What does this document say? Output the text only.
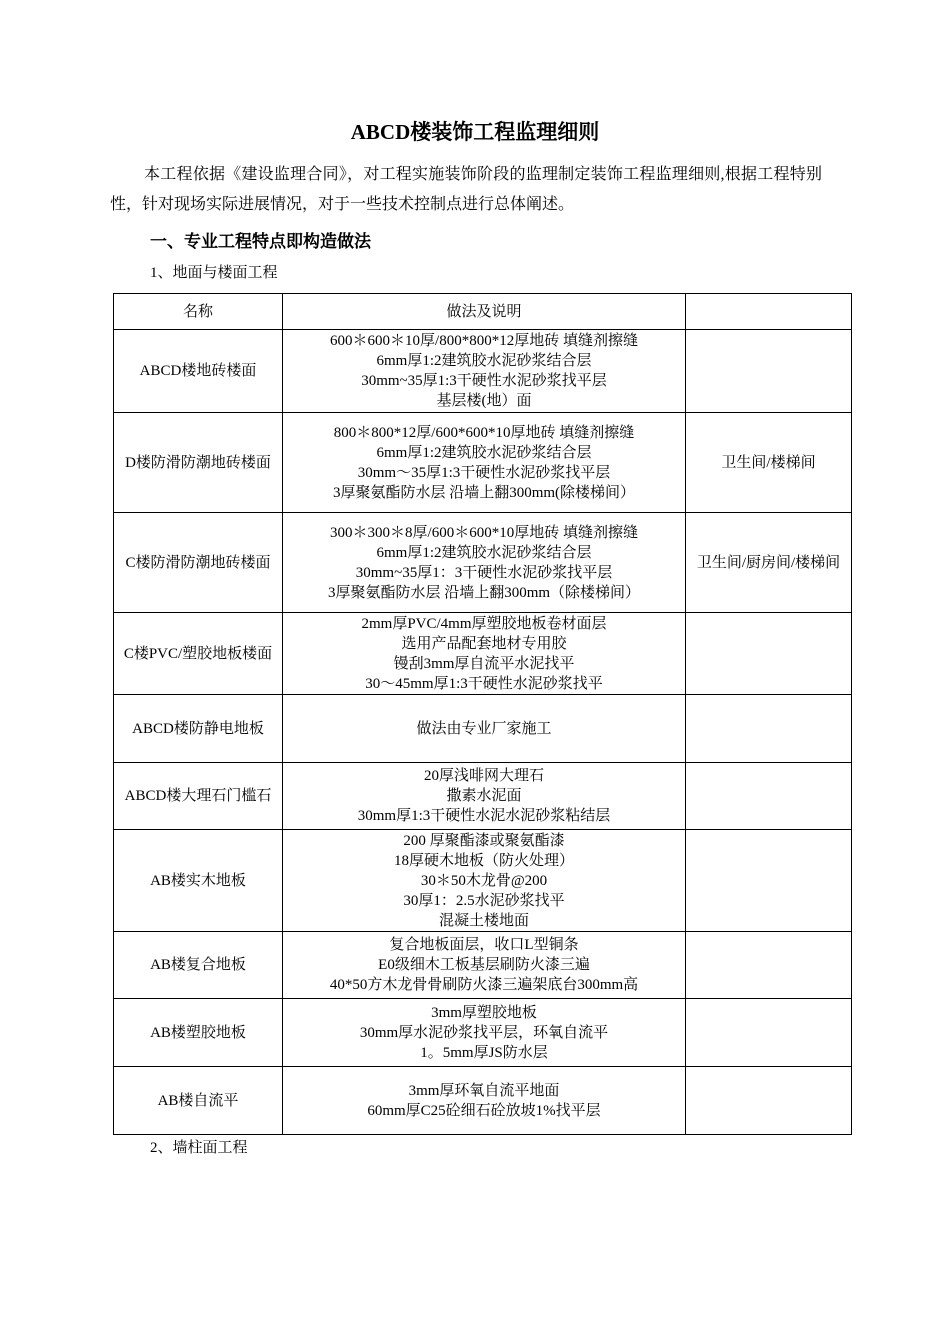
ABCD楼装饰工程监理细则
本工程依据《建设监理合同》，对工程实施装饰阶段的监理制定装饰工程监理细则,根据工程特别性，针对现场实际进展情况，对于一些技术控制点进行总体阐述。
一、专业工程特点即构造做法
1、地面与楼面工程
名称	做法及说明	
ABCD楼地砖楼面	600＊600＊10厚/800*800*12厚地砖 填缝剂擦缝
6mm厚1:2建筑胶水泥砂浆结合层
30mm~35厚1:3干硬性水泥砂浆找平层
基层楼(地）面	

D楼防滑防潮地砖楼面	800＊800*12厚/600*600*10厚地砖 填缝剂擦缝
6mm厚1:2建筑胶水泥砂浆结合层
30mm～35厚1:3干硬性水泥砂浆找平层
3厚聚氨酯防水层 沿墙上翻300mm(除楼梯间）	卫生间/楼梯间
C楼防滑防潮地砖楼面	300＊300＊8厚/600＊600*10厚地砖 填缝剂擦缝
6mm厚1:2建筑胶水泥砂浆结合层
30mm~35厚1：3干硬性水泥砂浆找平层
3厚聚氨酯防水层 沿墙上翻300mm（除楼梯间）	卫生间/厨房间/楼梯间
C楼PVC/塑胶地板楼面	2mm厚PVC/4mm厚塑胶地板卷材面层
选用产品配套地材专用胶
镘刮3mm厚自流平水泥找平
30～45mm厚1:3干硬性水泥砂浆找平	

ABCD楼防静电地板	做法由专业厂家施工	

ABCD楼大理石门槛石	20厚浅啡网大理石
撒素水泥面
30mm厚1:3干硬性水泥水泥砂浆粘结层	

AB楼实木地板	200 厚聚酯漆或聚氨酯漆
18厚硬木地板（防火处理）
30＊50木龙骨@200
30厚1：2.5水泥砂浆找平
混凝土楼地面	

AB楼复合地板	复合地板面层，收口L型铜条
E0级细木工板基层刷防火漆三遍
40*50方木龙骨骨刷防火漆三遍架底台300mm高	

AB楼塑胶地板	3mm厚塑胶地板
30mm厚水泥砂浆找平层，环氧自流平
1。5mm厚JS防水层	

AB楼自流平	3mm厚环氧自流平地面
60mm厚C25砼细石砼放坡1%找平层	

2、墙柱面工程
